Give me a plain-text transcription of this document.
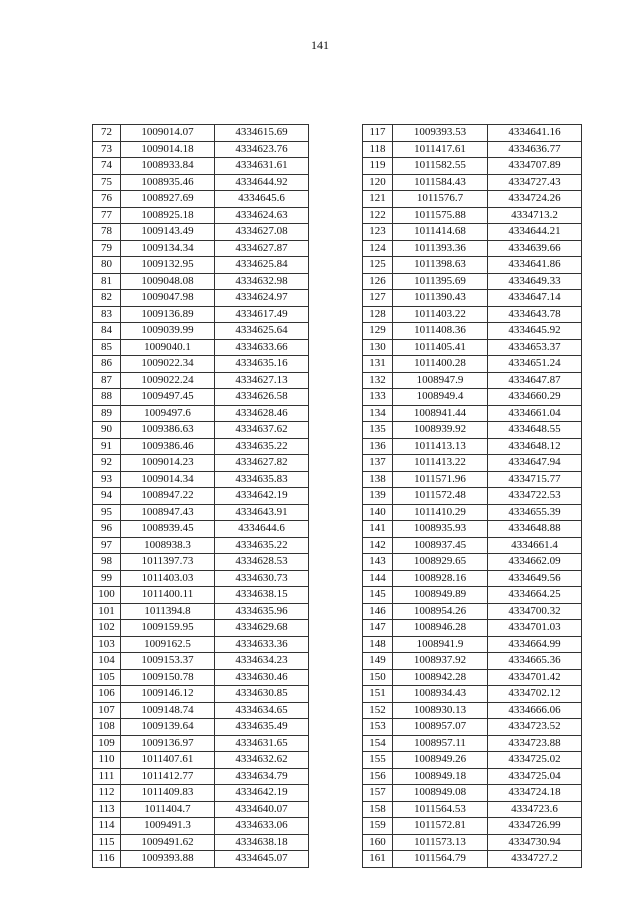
141
72	1009014.07	4334615.69
73	1009014.18	4334623.76
74	1008933.84	4334631.61
75	1008935.46	4334644.92
76	1008927.69	4334645.6
77	1008925.18	4334624.63
78	1009143.49	4334627.08
79	1009134.34	4334627.87
80	1009132.95	4334625.84
81	1009048.08	4334632.98
82	1009047.98	4334624.97
83	1009136.89	4334617.49
84	1009039.99	4334625.64
85	1009040.1	4334633.66
86	1009022.34	4334635.16
87	1009022.24	4334627.13
88	1009497.45	4334626.58
89	1009497.6	4334628.46
90	1009386.63	4334637.62
91	1009386.46	4334635.22
92	1009014.23	4334627.82
93	1009014.34	4334635.83
94	1008947.22	4334642.19
95	1008947.43	4334643.91
96	1008939.45	4334644.6
97	1008938.3	4334635.22
98	1011397.73	4334628.53
99	1011403.03	4334630.73
100	1011400.11	4334638.15
101	1011394.8	4334635.96
102	1009159.95	4334629.68
103	1009162.5	4334633.36
104	1009153.37	4334634.23
105	1009150.78	4334630.46
106	1009146.12	4334630.85
107	1009148.74	4334634.65
108	1009139.64	4334635.49
109	1009136.97	4334631.65
110	1011407.61	4334632.62
111	1011412.77	4334634.79
112	1011409.83	4334642.19
113	1011404.7	4334640.07
114	1009491.3	4334633.06
115	1009491.62	4334638.18
116	1009393.88	4334645.07
117	1009393.53	4334641.16
118	1011417.61	4334636.77
119	1011582.55	4334707.89
120	1011584.43	4334727.43
121	1011576.7	4334724.26
122	1011575.88	4334713.2
123	1011414.68	4334644.21
124	1011393.36	4334639.66
125	1011398.63	4334641.86
126	1011395.69	4334649.33
127	1011390.43	4334647.14
128	1011403.22	4334643.78
129	1011408.36	4334645.92
130	1011405.41	4334653.37
131	1011400.28	4334651.24
132	1008947.9	4334647.87
133	1008949.4	4334660.29
134	1008941.44	4334661.04
135	1008939.92	4334648.55
136	1011413.13	4334648.12
137	1011413.22	4334647.94
138	1011571.96	4334715.77
139	1011572.48	4334722.53
140	1011410.29	4334655.39
141	1008935.93	4334648.88
142	1008937.45	4334661.4
143	1008929.65	4334662.09
144	1008928.16	4334649.56
145	1008949.89	4334664.25
146	1008954.26	4334700.32
147	1008946.28	4334701.03
148	1008941.9	4334664.99
149	1008937.92	4334665.36
150	1008942.28	4334701.42
151	1008934.43	4334702.12
152	1008930.13	4334666.06
153	1008957.07	4334723.52
154	1008957.11	4334723.88
155	1008949.26	4334725.02
156	1008949.18	4334725.04
157	1008949.08	4334724.18
158	1011564.53	4334723.6
159	1011572.81	4334726.99
160	1011573.13	4334730.94
161	1011564.79	4334727.2
